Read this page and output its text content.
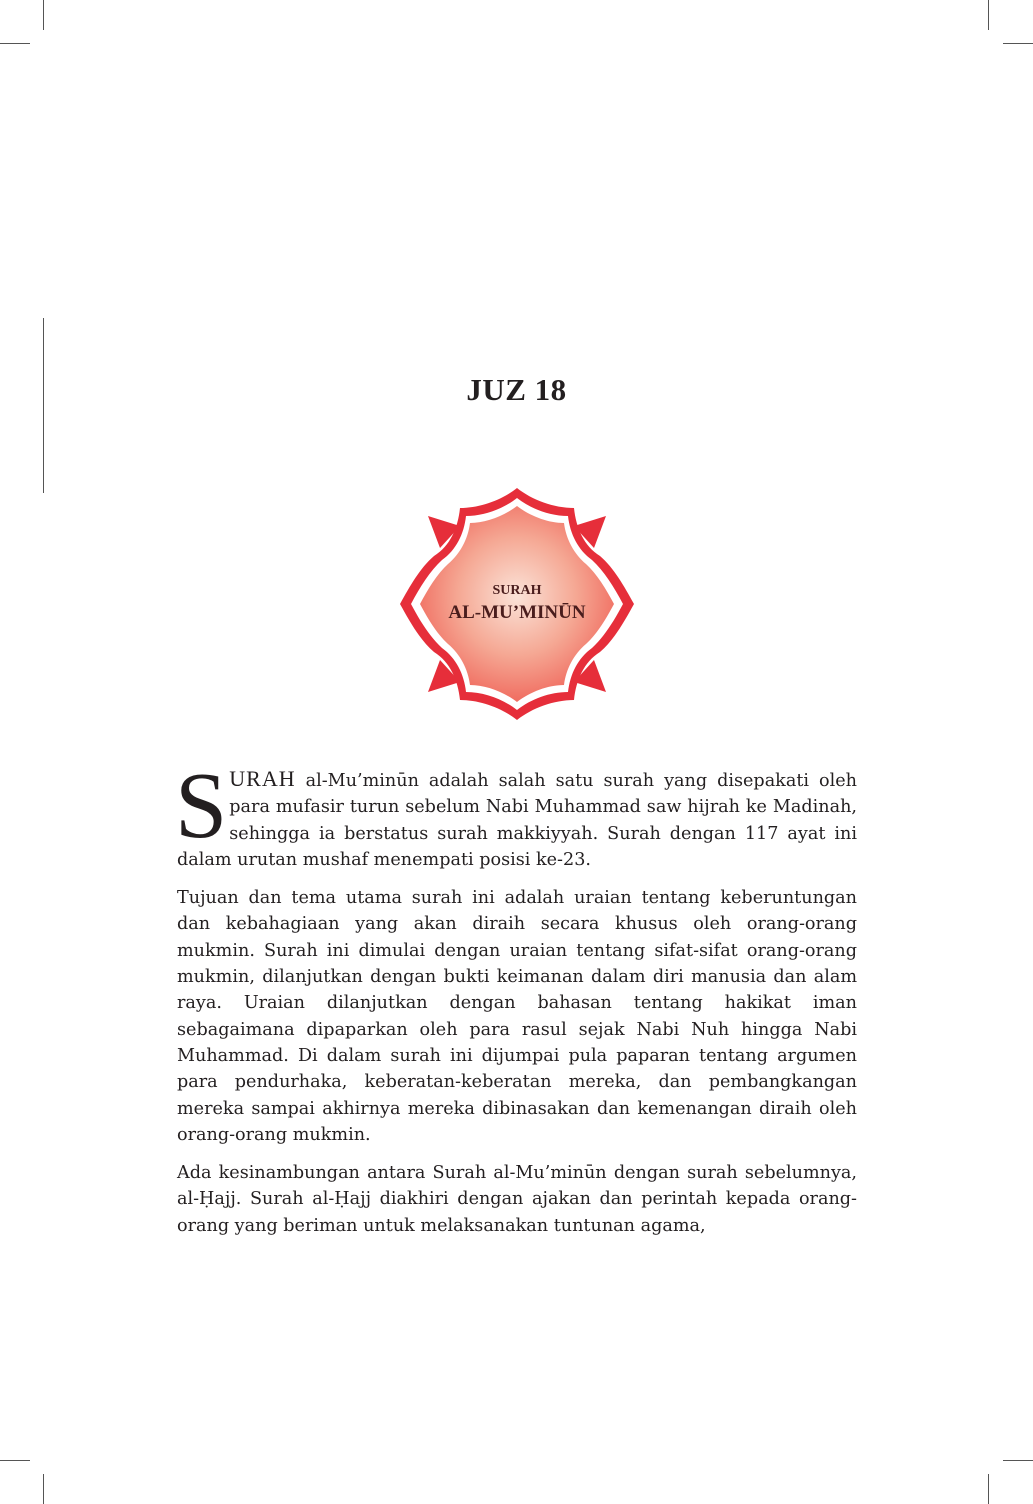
JUZ 18
SURAH
AL-MU’MINŪN

SURAH al-Mu’minūn adalah salah satu surah yang disepakati oleh para mufasir turun sebelum Nabi Muhammad saw hijrah ke Madinah, sehingga ia berstatus surah makkiyyah. Surah dengan 117 ayat ini dalam urutan mushaf menempati posisi ke-23.

Tujuan dan tema utama surah ini adalah uraian tentang keberuntungan dan kebahagiaan yang akan diraih secara khusus oleh orang-orang mukmin. Surah ini dimulai dengan uraian tentang sifat-sifat orang-orang mukmin, dilanjutkan dengan bukti keimanan dalam diri manusia dan alam raya. Uraian dilanjutkan dengan bahasan tentang hakikat iman sebagaimana dipaparkan oleh para rasul sejak Nabi Nuh hingga Nabi Muhammad. Di dalam surah ini dijumpai pula paparan tentang argumen para pendurhaka, keberatan-keberatan mereka, dan pembangkangan mereka sampai akhirnya mereka dibinasakan dan kemenangan diraih oleh orang-orang mukmin.

Ada kesinambungan antara Surah al-Mu’minūn dengan surah sebelumnya, al-Ḥajj. Surah al-Ḥajj diakhiri dengan ajakan dan perintah kepada orang-orang yang beriman untuk melaksanakan tuntunan agama,
